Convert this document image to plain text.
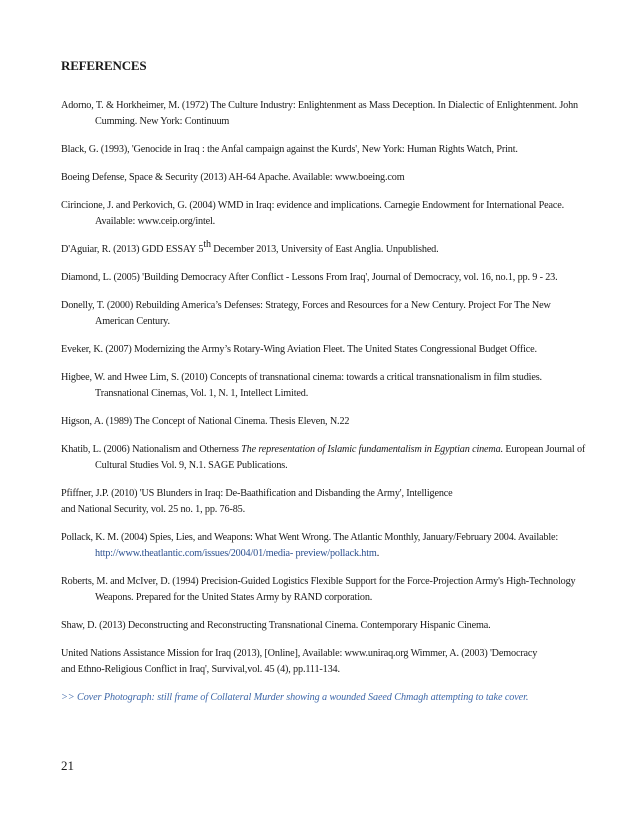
REFERENCES

Adorno, T. & Horkheimer, M. (1972) The Culture Industry: Enlightenment as Mass Deception. In Dialectic of Enlightenment. John Cumming. New York: Continuum

Black, G. (1993), 'Genocide in Iraq : the Anfal campaign against the Kurds', New York: Human Rights Watch, Print.

Boeing Defense, Space & Security (2013) AH-64 Apache. Available: www.boeing.com

Cirincione, J. and Perkovich, G. (2004) WMD in Iraq: evidence and implications. Carnegie Endowment for International Peace. Available: www.ceip.org/intel.

D'Aguiar, R. (2013) GDD ESSAY 5th December 2013, University of East Anglia. Unpublished.

Diamond, L. (2005) 'Building Democracy After Conflict - Lessons From Iraq', Journal of Democracy, vol. 16, no.1, pp. 9 - 23.

Donelly, T. (2000) Rebuilding America’s Defenses: Strategy, Forces and Resources for a New Century. Project For The New American Century.

Eveker, K. (2007) Modernizing the Army’s Rotary-Wing Aviation Fleet. The United States Congressional Budget Office.

Higbee, W. and Hwee Lim, S. (2010) Concepts of transnational cinema: towards a critical transnationalism in film studies. Transnational Cinemas, Vol. 1, N. 1, Intellect Limited.

Higson, A. (1989) The Concept of National Cinema. Thesis Eleven, N.22

Khatib, L. (2006) Nationalism and Otherness The representation of Islamic fundamentalism in Egyptian cinema. European Journal of Cultural Studies Vol. 9, N.1. SAGE Publications.

Pfiffner, J.P. (2010) 'US Blunders in Iraq: De-Baathification and Disbanding the Army', Intelligence
and National Security, vol. 25 no. 1, pp. 76-85.

Pollack, K. M. (2004) Spies, Lies, and Weapons: What Went Wrong. The Atlantic Monthly, January/February 2004. Available: http://www.theatlantic.com/issues/2004/01/media- preview/pollack.htm.

Roberts, M. and McIver, D. (1994) Precision-Guided Logistics Flexible Support for the Force-Projection Army's High-Technology Weapons. Prepared for the United States Army by RAND corporation.

Shaw, D. (2013) Deconstructing and Reconstructing Transnational Cinema. Contemporary Hispanic Cinema.

United Nations Assistance Mission for Iraq (2013), [Online], Available: www.uniraq.org Wimmer, A. (2003) 'Democracy
and Ethno-Religious Conflict in Iraq', Survival,vol. 45 (4), pp.111-134.

>> Cover Photograph: still frame of Collateral Murder showing a wounded Saeed Chmagh attempting to take cover.

21
